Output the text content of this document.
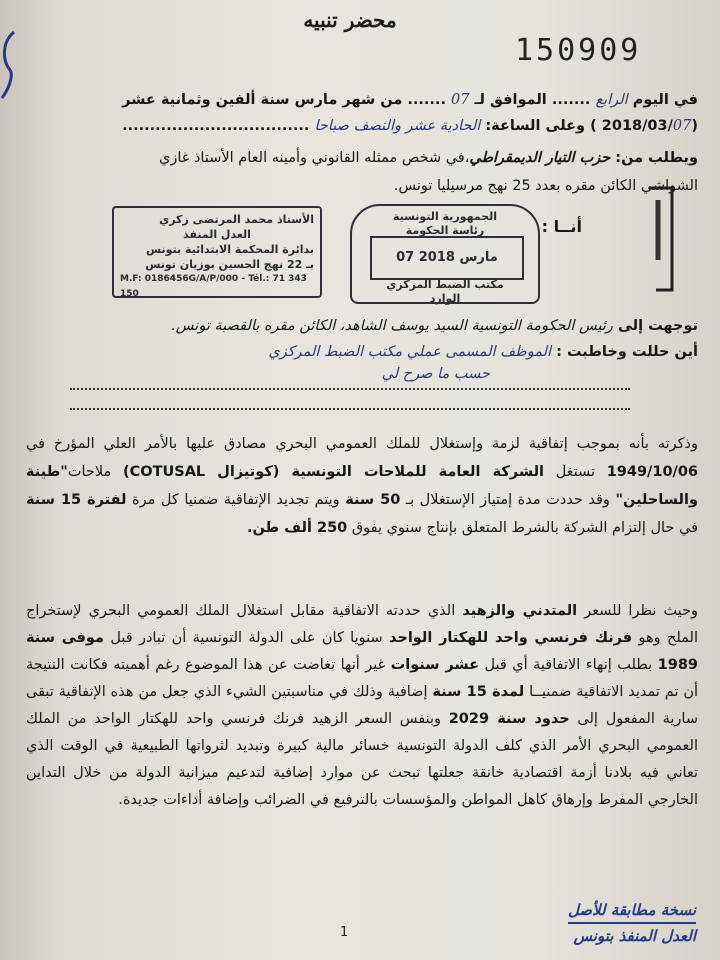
محضر تنبيه
150909
في اليوم الرابع ....... الموافق لـ 07 ....... من شهر مارس سنة ألفين وثمانية عشر
(2018/03/07 ) وعلى الساعة: الحادية عشر والنصف صباحا ..................................
ويطلب من: حزب التيار الديمقراطي،في شخص ممثله القانوني وأمينه العام الأستاذ غازي
الشواشي الكائن مقره بعدد 25 نهج مرسيليا تونس.
أنــا :
الجمهورية التونسية
رئاسة الحكومة
07 مارس 2018
مكتب الضبط المركزي
الوارد
الأستاذ محمد المرتضى زكري
العدل المنفذ
بدائرة المحكمة الابتدائية بتونس
بـ 22 نهج الحسين بوزيان تونس
M.F: 0186456G/A/P/000 - Tél.: 71 343 150
توجهت إلى رئيس الحكومة التونسية السيد يوسف الشاهد، الكائن مقره بالقصبة تونس.
أين حللت وخاطبت : الموظف المسمى عملي مكتب الضبط المركزي
حسب ما صرح لي
وذكرته بأنه بموجب إتفاقية لزمة وإستغلال للملك العمومي البحري مصادق عليها بالأمر العلي المؤرخ في 1949/10/06 تستغل الشركة العامة للملاحات التونسية (كوتيزال COTUSAL) ملاحات"طينة والساحلين" وقد حددت مدة إمتياز الإستغلال بـ 50 سنة ويتم تجديد الإتفاقية ضمنيا كل مرة لفترة 15 سنة في حال إلتزام الشركة بالشرط المتعلق بإنتاج سنوي يفوق 250 ألف طن.
وحيث نظرا للسعر المتدني والزهيد الذي حددته الاتفاقية مقابل استغلال الملك العمومي البحري لإستخراج الملح وهو فرنك فرنسي واحد للهكتار الواحد سنويا كان على الدولة التونسية أن تبادر قبل موفى سنة 1989 بطلب إنهاء الاتفاقية أي قبل عشر سنوات غير أنها تغاضت عن هذا الموضوع رغم أهميته فكانت النتيجة أن تم تمديد الاتفاقية ضمنيــا لمدة 15 سنة إضافية وذلك في مناسبتين الشيء الذي جعل من هذه الإتفاقية تبقى سارية المفعول إلى حدود سنة 2029 وبنفس السعر الزهيد فرنك فرنسي واحد للهكتار الواحد من الملك العمومي البحري الأمر الذي كلف الدولة التونسية خسائر مالية كبيرة وتبديد لثرواتها الطبيعية في الوقت الذي تعاني فيه بلادنا أزمة اقتصادية خانقة جعلتها تبحث عن موارد إضافية لتدعيم ميزانية الدولة من خلال التداين الخارجي المفرط وإرهاق كاهل المواطن والمؤسسات بالترفيع في الضرائب وإضافة أداءات جديدة.
نسخة مطابقة للأصل
العدل المنفذ بتونس
1
